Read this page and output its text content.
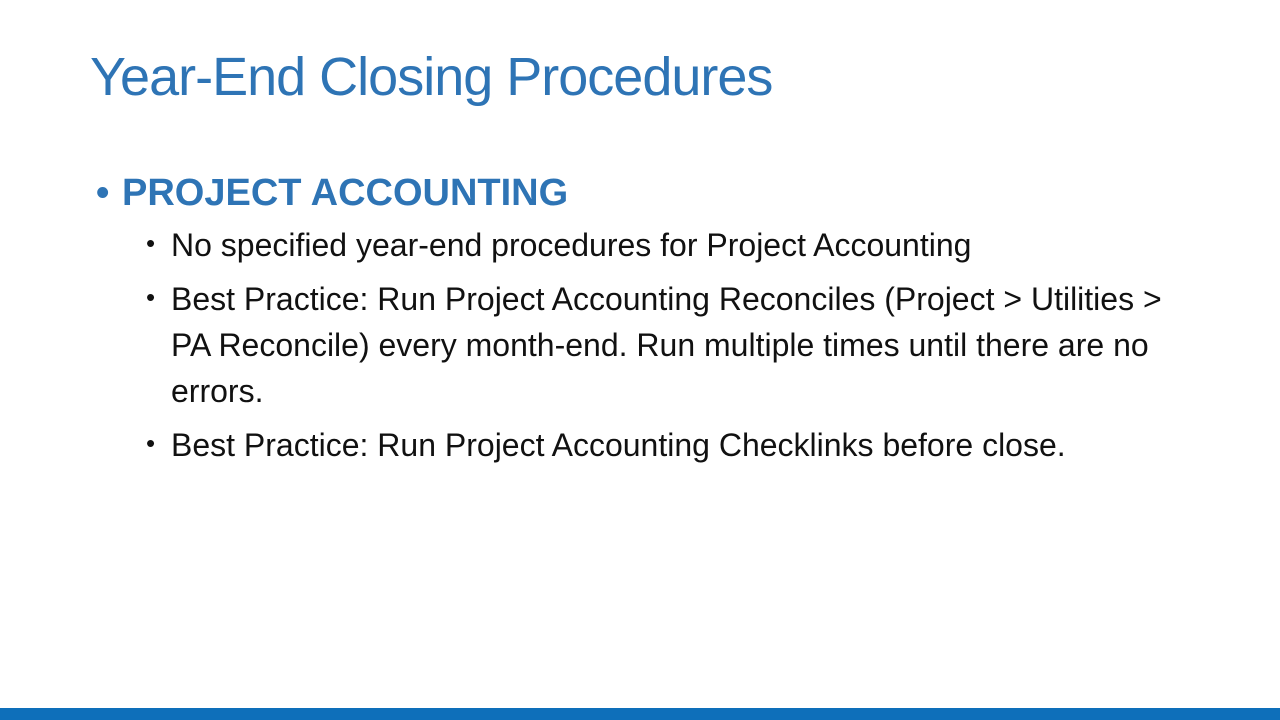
Year-End Closing Procedures
• PROJECT ACCOUNTING
• No specified year-end procedures for Project Accounting
• Best Practice: Run Project Accounting Reconciles (Project > Utilities > PA Reconcile) every month-end. Run multiple times until there are no errors.
• Best Practice: Run Project Accounting Checklinks before close.
